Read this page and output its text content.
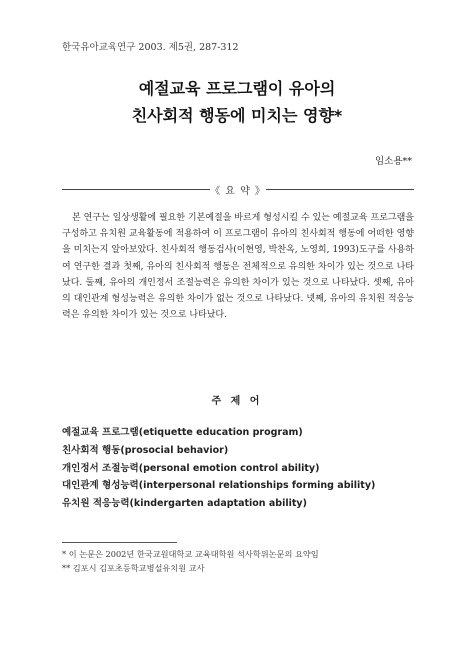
한국유아교육연구 2003. 제5권, 287-312
예절교육 프로그램이 유아의
친사회적 행동에 미치는 영향*
임소용**
《 요 약 》

본 연구는 일상생활에 필요한 기본예절을 바르게 형성시킬 수 있는 예절교육 프로그램을 구성하고 유치원 교육활동에 적용하여 이 프로그램이 유아의 친사회적 행동에 어떠한 영향을 미치는지 알아보았다. 친사회적 행동검사(이현영, 박찬옥, 노영희, 1993)도구를 사용하여 연구한 결과 첫째, 유아의 친사회적 행동은 전체적으로 유의한 차이가 있는 것으로 나타났다. 둘째, 유아의 개인정서 조절능력은 유의한 차이가 있는 것으로 나타났다. 셋째, 유아의 대인관계 형성능력은 유의한 차이가 없는 것으로 나타났다. 넷째, 유아의 유치원 적응능력은 유의한 차이가 있는 것으로 나타났다.

주 제 어
예절교육 프로그램(etiquette education program)
친사회적 행동(prosocial behavior)
개인정서 조절능력(personal emotion control ability)
대인관계 형성능력(interpersonal relationships forming ability)
유치원 적응능력(kindergarten adaptation ability)
* 이 논문은 2002년 한국교원대학교 교육대학원 석사학위논문의 요약임
** 김포시 김포초등학교병설유치원 교사
